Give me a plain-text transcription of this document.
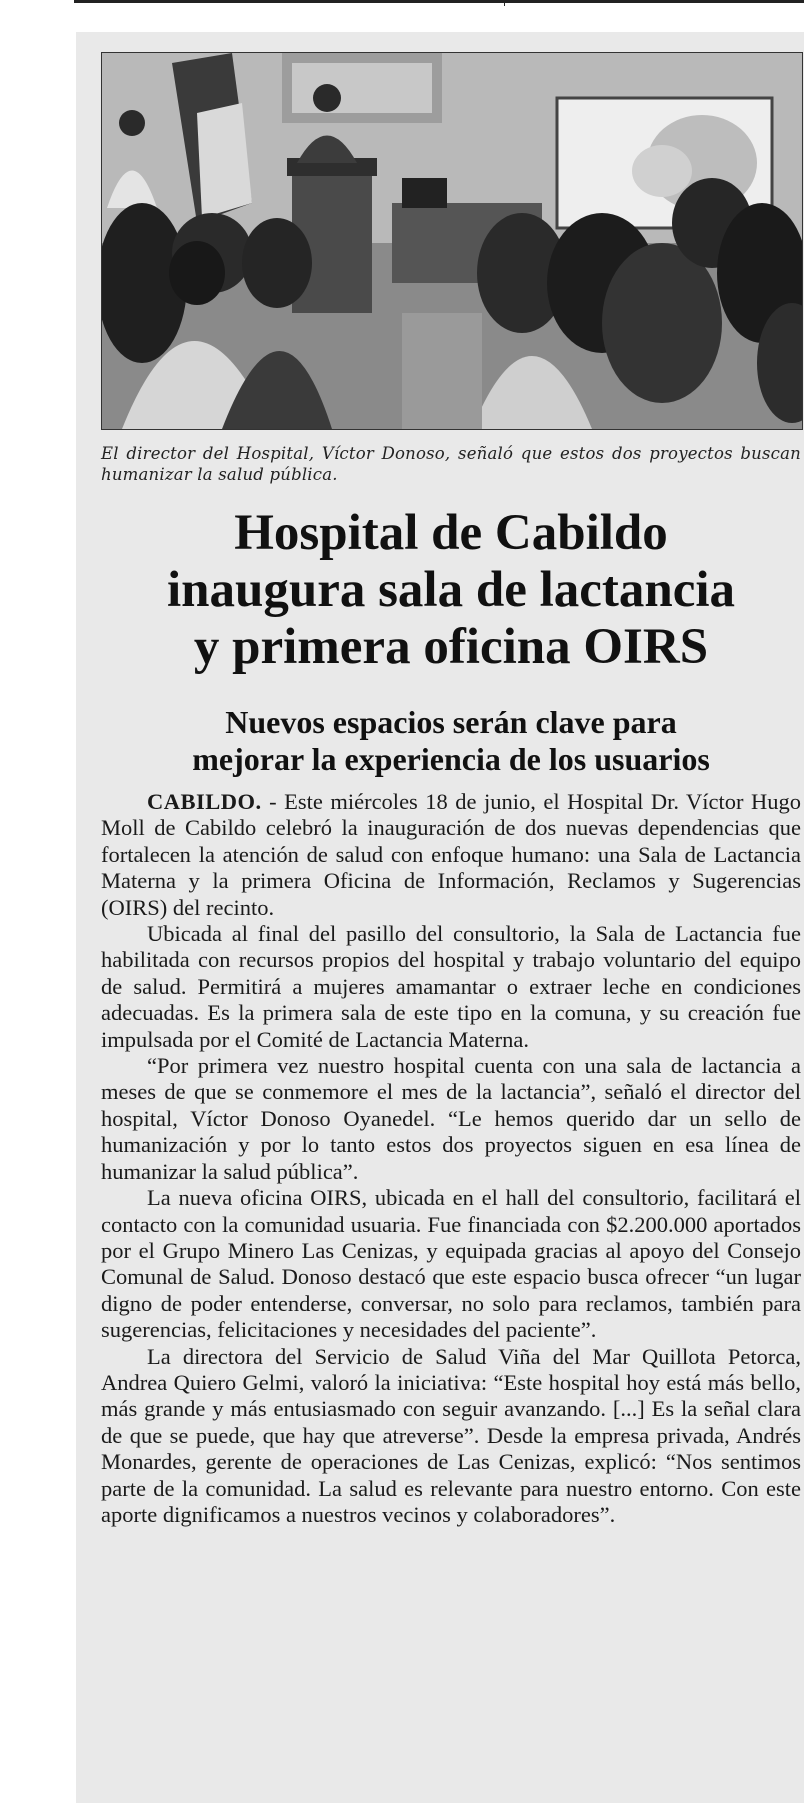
El director del Hospital, Víctor Donoso, señaló que estos dos proyectos buscan humanizar la salud pública.
Hospital de Cabildo
inaugura sala de lactancia
y primera oficina OIRS
Nuevos espacios serán clave para
mejorar la experiencia de los usuarios

CABILDO. - Este miércoles 18 de junio, el Hospital Dr. Víctor Hugo Moll de Cabildo celebró la inauguración de dos nuevas dependencias que fortalecen la atención de salud con enfoque humano: una Sala de Lactancia Materna y la primera Oficina de Información, Reclamos y Sugerencias (OIRS) del recinto.

Ubicada al final del pasillo del consultorio, la Sala de Lactancia fue habilitada con recursos propios del hospital y trabajo voluntario del equipo de salud. Permitirá a mujeres amamantar o extraer leche en condiciones adecuadas. Es la primera sala de este tipo en la comuna, y su creación fue impulsada por el Comité de Lactancia Materna.

“Por primera vez nuestro hospital cuenta con una sala de lactancia a meses de que se conmemore el mes de la lactancia”, señaló el director del hospital, Víctor Donoso Oyanedel. “Le hemos querido dar un sello de humanización y por lo tanto estos dos proyectos siguen en esa línea de humanizar la salud pública”.

La nueva oficina OIRS, ubicada en el hall del consultorio, facilitará el contacto con la comunidad usuaria. Fue financiada con $2.200.000 aportados por el Grupo Minero Las Cenizas, y equipada gracias al apoyo del Consejo Comunal de Salud. Donoso destacó que este espacio busca ofrecer “un lugar digno de poder entenderse, conversar, no solo para reclamos, también para sugerencias, felicitaciones y necesidades del paciente”.

La directora del Servicio de Salud Viña del Mar Quillota Petorca, Andrea Quiero Gelmi, valoró la iniciativa: “Este hospital hoy está más bello, más grande y más entusiasmado con seguir avanzando. [...] Es la señal clara de que se puede, que hay que atreverse”. Desde la empresa privada, Andrés Monardes, gerente de operaciones de Las Cenizas, explicó: “Nos sentimos parte de la comunidad. La salud es relevante para nuestro entorno. Con este aporte dignificamos a nuestros vecinos y colaboradores”.
